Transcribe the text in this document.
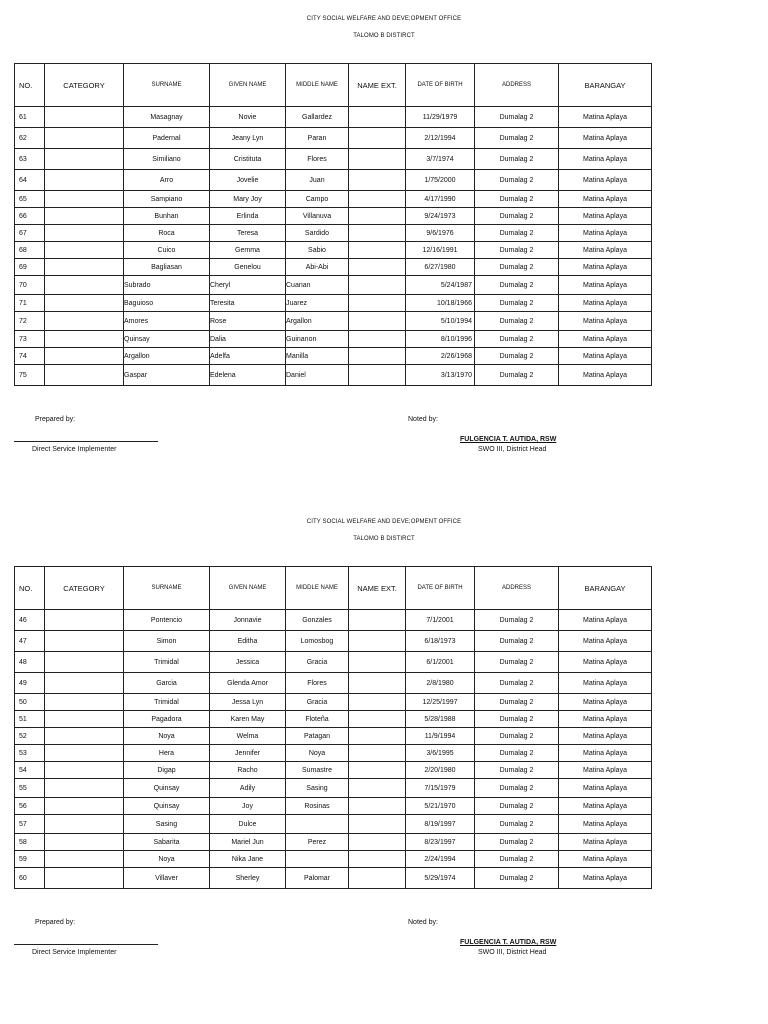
CITY SOCIAL WELFARE AND DEVE;OPMENT OFFICE
TALOMO B DISTIRCT
NO.	CATEGORY	SURNAME	GIVEN NAME	MIDDLE NAME	NAME EXT.	DATE OF BIRTH	ADDRESS	BARANGAY
61		Masagnay	Novie	Gallardez		11/29/1979	Dumalag 2	Matina Aplaya
62		Padernal	Jeany Lyn	Paran		2/12/1994	Dumalag 2	Matina Aplaya
63		Similiano	Cristituta	Flores		3/7/1974	Dumalag 2	Matina Aplaya
64		Arro	Jovelie	Juan		1/75/2000	Dumalag 2	Matina Aplaya
65		Sampiano	Mary Joy	Campo		4/17/1990	Dumalag 2	Matina Aplaya
66		Bunhan	Erlinda	Villanuva		9/24/1973	Dumalag 2	Matina Aplaya
67		Roca	Teresa	Sardido		9/6/1976	Dumalag 2	Matina Aplaya
68		Cuico	Gemma	Sabio		12/16/1991	Dumalag 2	Matina Aplaya
69		Bagliasan	Genelou	Abi-Abi		6/27/1980	Dumalag 2	Matina Aplaya
70		Subrado	Cheryl	Cuanan		5/24/1987	Dumalag 2	Matina Aplaya
71		Baguioso	Teresita	Juarez		10/18/1966	Dumalag 2	Matina Aplaya
72		Amores	Rose	Argallon		5/10/1994	Dumalag 2	Matina Aplaya
73		Quinsay	Dalia	Guinanon		8/10/1996	Dumalag 2	Matina Aplaya
74		Argallon	Adelfa	Manilla		2/26/1968	Dumalag 2	Matina Aplaya
75		Gaspar	Edelena	Daniel		3/13/1970	Dumalag 2	Matina Aplaya
Prepared by:	Noted by:
Direct Service Implementer
FULGENCIA T. AUTIDA, RSW
SWO III, District Head
CITY SOCIAL WELFARE AND DEVE;OPMENT OFFICE
TALOMO B DISTIRCT
NO.	CATEGORY	SURNAME	GIVEN NAME	MIDDLE NAME	NAME EXT.	DATE OF BIRTH	ADDRESS	BARANGAY
46		Pontencio	Jonnavie	Gonzales		7/1/2001	Dumalag 2	Matina Aplaya
47		Simon	Editha	Lomosbog		6/18/1973	Dumalag 2	Matina Aplaya
48		Trimidal	Jessica	Gracia		6/1/2001	Dumalag 2	Matina Aplaya
49		Garcia	Glenda Amor	Flores		2/8/1980	Dumalag 2	Matina Aplaya
50		Trimidal	Jessa Lyn	Gracia		12/25/1997	Dumalag 2	Matina Aplaya
51		Pagadora	Karen May	Floteña		5/28/1988	Dumalag 2	Matina Aplaya
52		Noya	Welma	Patagan		11/9/1994	Dumalag 2	Matina Aplaya
53		Hera	Jennifer	Noya		3/6/1995	Dumalag 2	Matina Aplaya
54		Digap	Racho	Sumastre		2/20/1980	Dumalag 2	Matina Aplaya
55		Quinsay	Adily	Sasing		7/15/1979	Dumalag 2	Matina Aplaya
56		Quinsay	Joy	Rosinas		5/21/1970	Dumalag 2	Matina Aplaya
57		Sasing	Dulce			8/19/1997	Dumalag 2	Matina Aplaya
58		Sabarita	Mariel Jun	Perez		8/23/1997	Dumalag 2	Matina Aplaya
59		Noya	Nika Jane			2/24/1994	Dumalag 2	Matina Aplaya
60		Villaver	Sherley	Palomar		5/29/1974	Dumalag 2	Matina Aplaya
Prepared by:	Noted by:
Direct Service Implementer
FULGENCIA T. AUTIDA, RSW
SWO III, District Head
